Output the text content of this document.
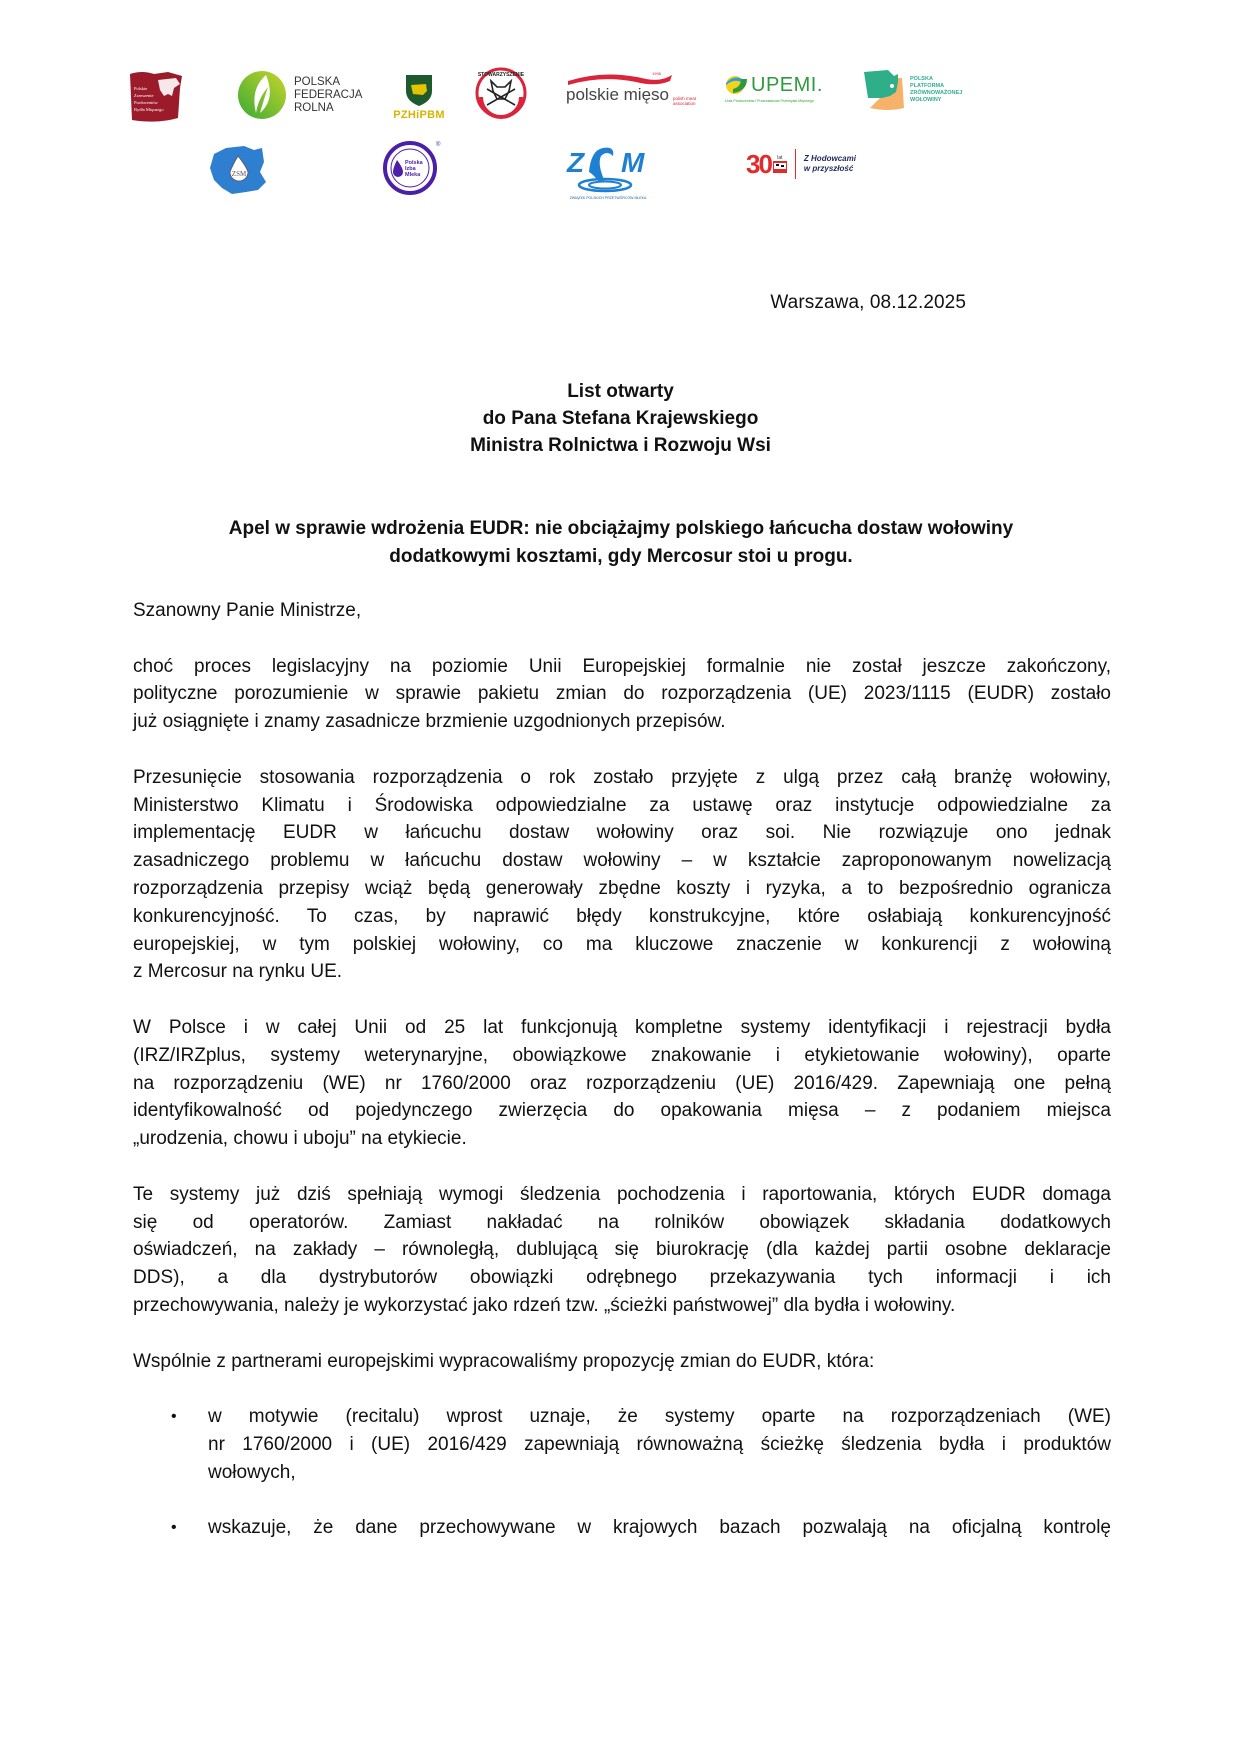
Polskie
Zrzeszenie
Producentów
Bydła Mięsnego
POLSKA
FEDERACJA
ROLNA
PZHiPBM
STOWARZYSZENIE	1998
polskie mięso polish meat association
UPEMI.
Unia Producentów i Pracodawców Przemysłu Mięsnego
POLSKA
PLATFORMA
ZRÓWNOWAŻONEJ
WOŁOWINY
ZSM
Polska
Izba
Mleka
®
Z M
ZWIĄZEK POLSKICH PRZETWÓRCÓW MLEKA
30 lat	Z Hodowcami
w przyszłość
Warszawa, 08.12.2025
List otwarty
do Pana Stefana Krajewskiego
Ministra Rolnictwa i Rozwoju Wsi
Apel w sprawie wdrożenia EUDR: nie obciążajmy polskiego łańcucha dostaw wołowiny
dodatkowymi kosztami, gdy Mercosur stoi u progu.
Szanowny Panie Ministrze,
choć proces legislacyjny na poziomie Unii Europejskiej formalnie nie został jeszcze zakończony,
polityczne porozumienie w sprawie pakietu zmian do rozporządzenia (UE) 2023/1115 (EUDR) zostało
już osiągnięte i znamy zasadnicze brzmienie uzgodnionych przepisów.
Przesunięcie stosowania rozporządzenia o rok zostało przyjęte z ulgą przez całą branżę wołowiny,
Ministerstwo Klimatu i Środowiska odpowiedzialne za ustawę oraz instytucje odpowiedzialne za
implementację EUDR w łańcuchu dostaw wołowiny oraz soi. Nie rozwiązuje ono jednak
zasadniczego problemu w łańcuchu dostaw wołowiny – w kształcie zaproponowanym nowelizacją
rozporządzenia przepisy wciąż będą generowały zbędne koszty i ryzyka, a to bezpośrednio ogranicza
konkurencyjność. To czas, by naprawić błędy konstrukcyjne, które osłabiają konkurencyjność
europejskiej, w tym polskiej wołowiny, co ma kluczowe znaczenie w konkurencji z wołowiną
z Mercosur na rynku UE.
W Polsce i w całej Unii od 25 lat funkcjonują kompletne systemy identyfikacji i rejestracji bydła
(IRZ/IRZplus, systemy weterynaryjne, obowiązkowe znakowanie i etykietowanie wołowiny), oparte
na rozporządzeniu (WE) nr 1760/2000 oraz rozporządzeniu (UE) 2016/429. Zapewniają one pełną
identyfikowalność od pojedynczego zwierzęcia do opakowania mięsa – z podaniem miejsca
„urodzenia, chowu i uboju” na etykiecie.
Te systemy już dziś spełniają wymogi śledzenia pochodzenia i raportowania, których EUDR domaga
się od operatorów. Zamiast nakładać na rolników obowiązek składania dodatkowych
oświadczeń, na zakłady – równoległą, dublującą się biurokrację (dla każdej partii osobne deklaracje
DDS), a dla dystrybutorów obowiązki odrębnego przekazywania tych informacji i ich
przechowywania, należy je wykorzystać jako rdzeń tzw. „ścieżki państwowej” dla bydła i wołowiny.
Wspólnie z partnerami europejskimi wypracowaliśmy propozycję zmian do EUDR, która:
• w motywie (recitalu) wprost uznaje, że systemy oparte na rozporządzeniach (WE)
nr 1760/2000 i (UE) 2016/429 zapewniają równoważną ścieżkę śledzenia bydła i produktów
wołowych,
• wskazuje, że dane przechowywane w krajowych bazach pozwalają na oficjalną kontrolę
